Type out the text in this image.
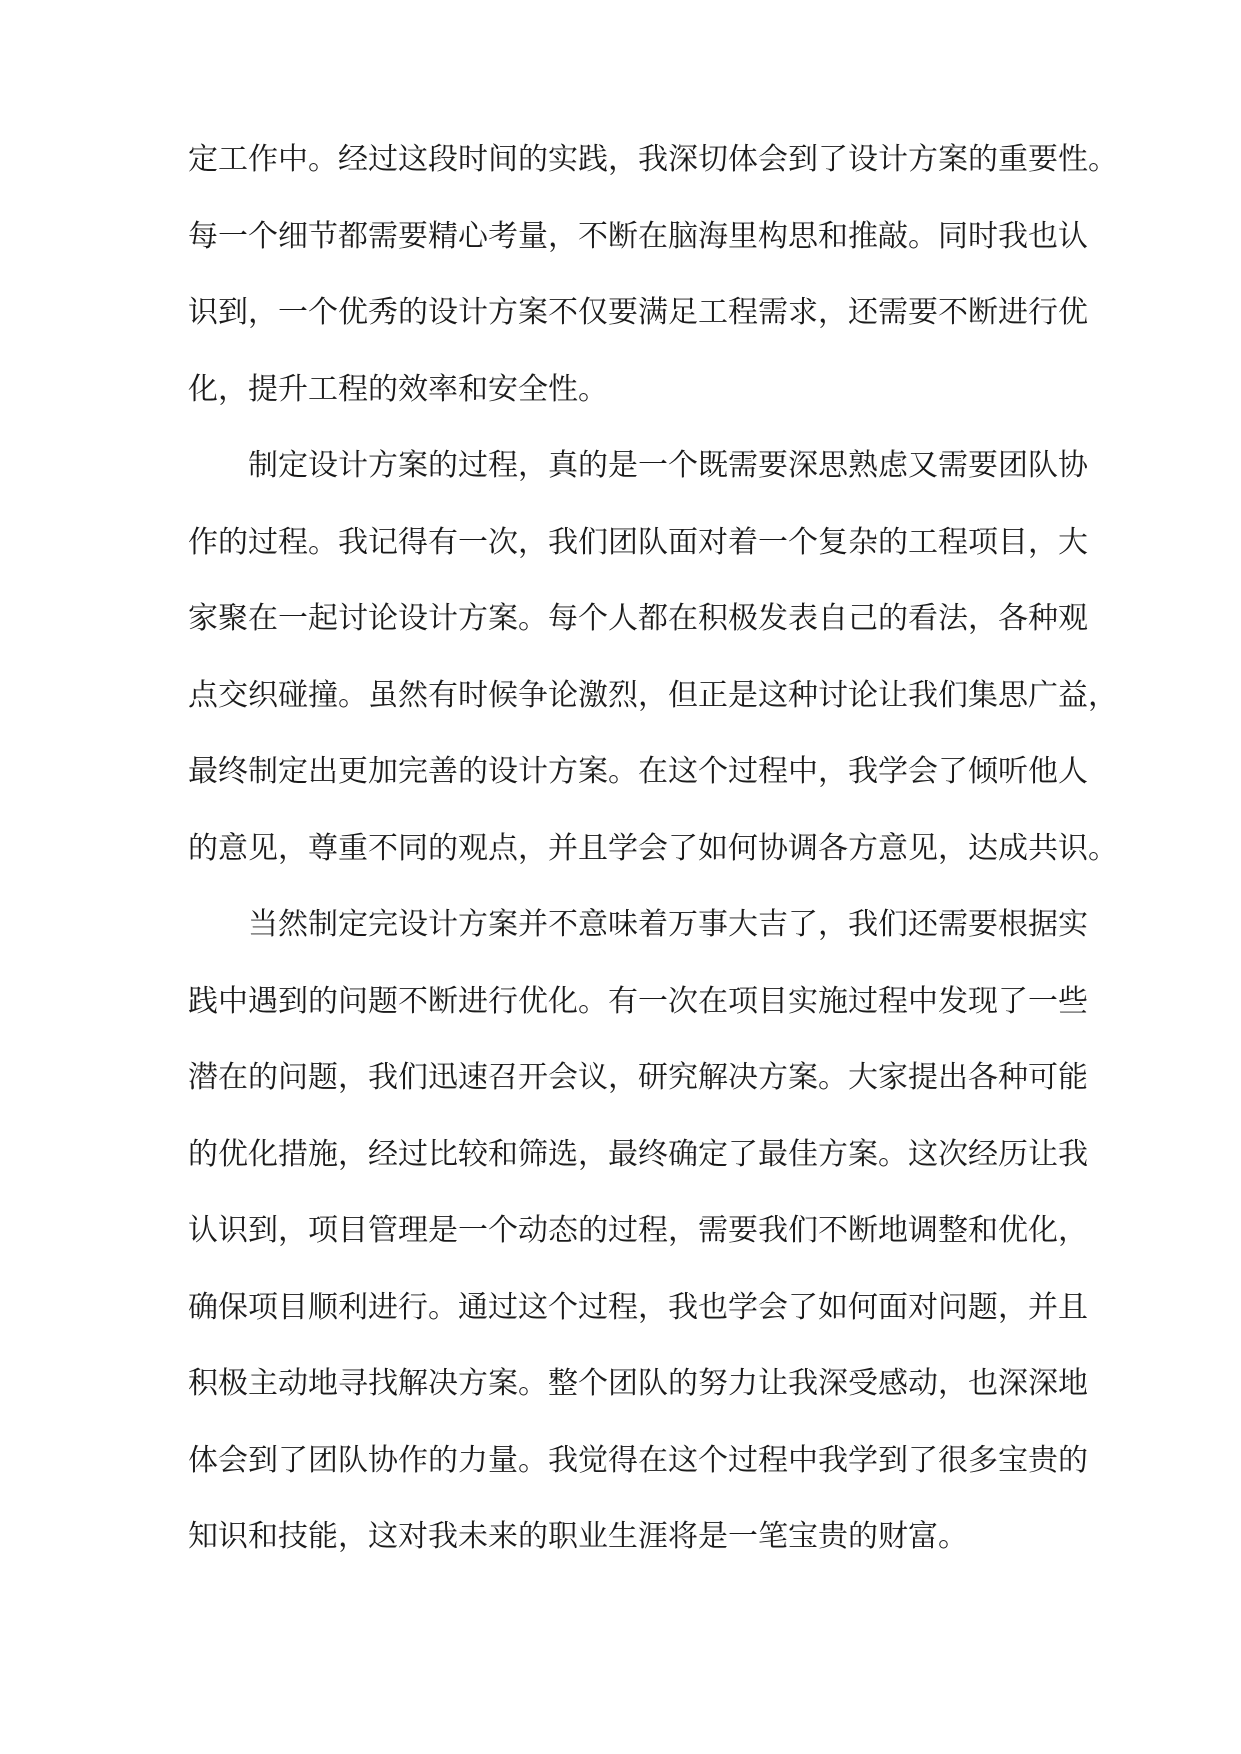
定工作中。经过这段时间的实践，我深切体会到了设计方案的重要性。
每一个细节都需要精心考量，不断在脑海里构思和推敲。同时我也认
识到，一个优秀的设计方案不仅要满足工程需求，还需要不断进行优
化，提升工程的效率和安全性。
制定设计方案的过程，真的是一个既需要深思熟虑又需要团队协
作的过程。我记得有一次，我们团队面对着一个复杂的工程项目，大
家聚在一起讨论设计方案。每个人都在积极发表自己的看法，各种观
点交织碰撞。虽然有时候争论激烈，但正是这种讨论让我们集思广益，
最终制定出更加完善的设计方案。在这个过程中，我学会了倾听他人
的意见，尊重不同的观点，并且学会了如何协调各方意见，达成共识。
当然制定完设计方案并不意味着万事大吉了，我们还需要根据实
践中遇到的问题不断进行优化。有一次在项目实施过程中发现了一些
潜在的问题，我们迅速召开会议，研究解决方案。大家提出各种可能
的优化措施，经过比较和筛选，最终确定了最佳方案。这次经历让我
认识到，项目管理是一个动态的过程，需要我们不断地调整和优化，
确保项目顺利进行。通过这个过程，我也学会了如何面对问题，并且
积极主动地寻找解决方案。整个团队的努力让我深受感动，也深深地
体会到了团队协作的力量。我觉得在这个过程中我学到了很多宝贵的
知识和技能，这对我未来的职业生涯将是一笔宝贵的财富。
